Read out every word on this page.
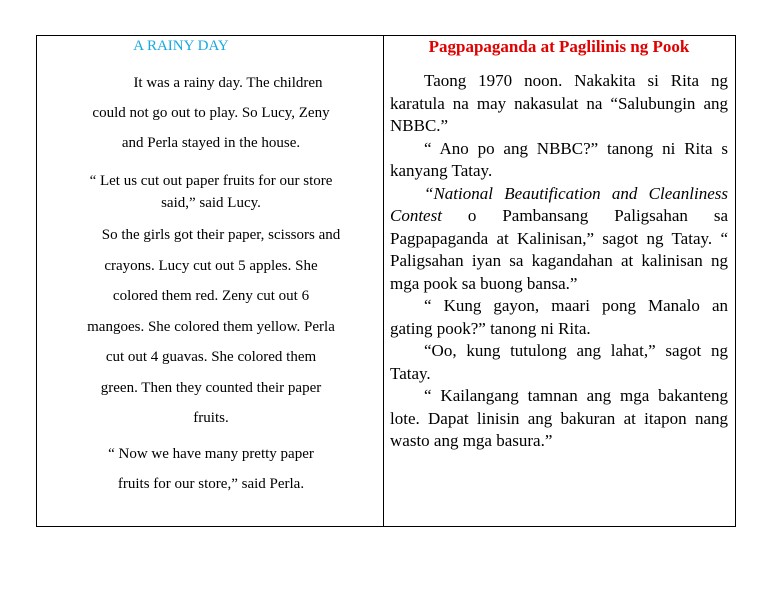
A RAINY DAY
It was a rainy day. The children
could not go out to play. So Lucy, Zeny
and Perla stayed in the house.
“ Let us cut out paper fruits for our store
said,” said Lucy.
So the girls got their paper, scissors and
crayons. Lucy cut out 5 apples. She
colored them red. Zeny cut out 6
mangoes. She colored them yellow. Perla
cut out 4 guavas. She colored them
green. Then they counted their paper
fruits.
“ Now we have many pretty paper
fruits for our store,” said Perla.
Pagpapaganda at Paglilinis ng Pook

Taong 1970 noon. Nakakita si Rita ng karatula na may nakasulat na “Salubungin ang NBBC.”

“ Ano po ang NBBC?” tanong ni Rita s kanyang Tatay.

“National Beautification and Cleanliness Contest o Pambansang Paligsahan sa Pagpapaganda at Kalinisan,” sagot ng Tatay. “ Paligsahan iyan sa kagandahan at kalinisan ng mga pook sa buong bansa.”

“ Kung gayon, maari pong Manalo an gating pook?” tanong ni Rita.

“Oo, kung tutulong ang lahat,” sagot ng Tatay.

“ Kailangang tamnan ang mga bakanteng lote. Dapat linisin ang bakuran at itapon nang wasto ang mga basura.”
